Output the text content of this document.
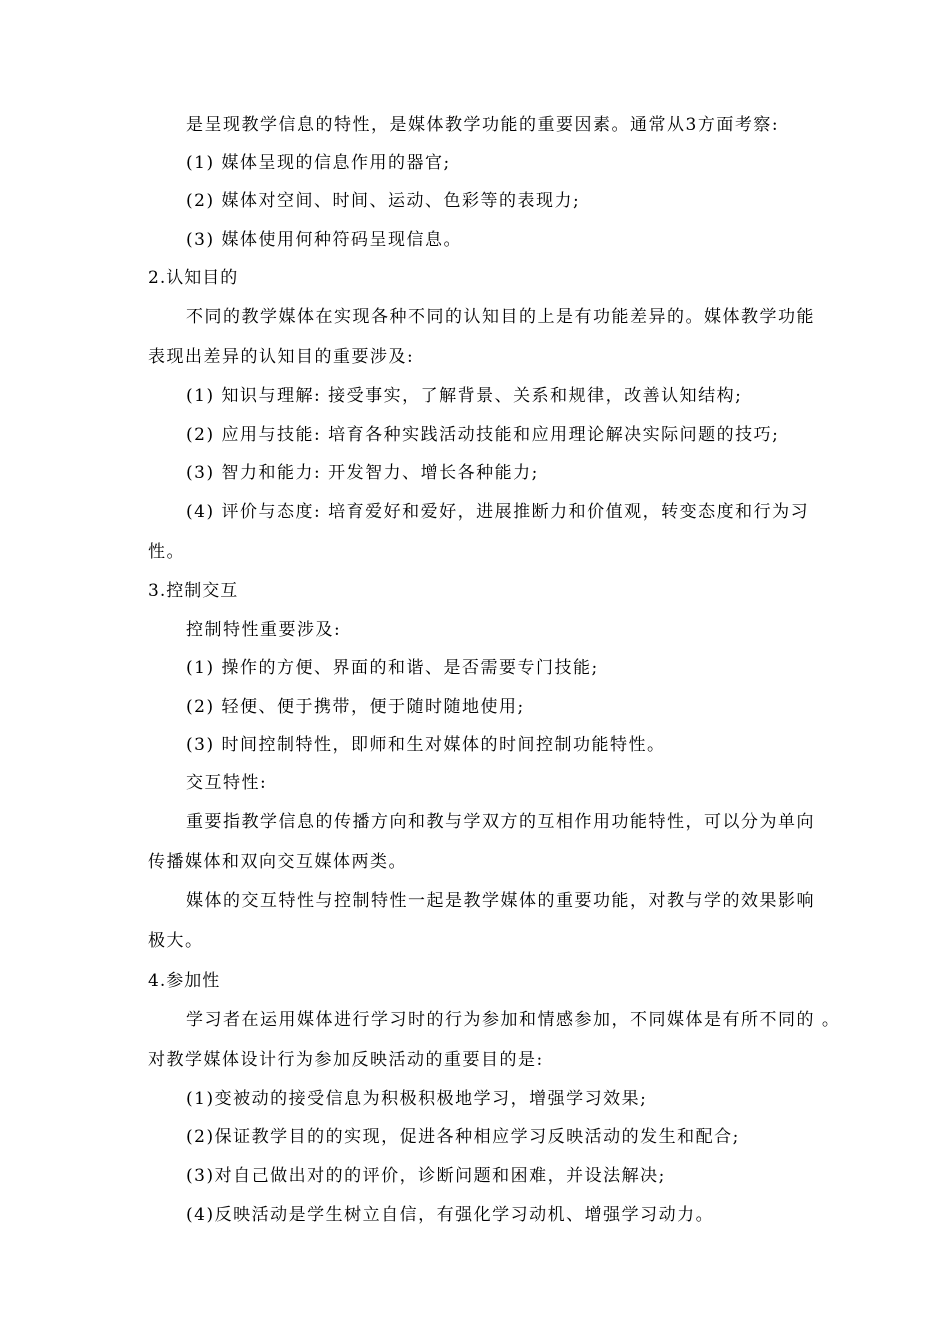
是呈现教学信息的特性，是媒体教学功能的重要因素。通常从3方面考察:
(1) 媒体呈现的信息作用的器官;
(2) 媒体对空间、时间、运动、色彩等的表现力;
(3) 媒体使用何种符码呈现信息。
2.认知目的
不同的教学媒体在实现各种不同的认知目的上是有功能差异的。媒体教学功能
表现出差异的认知目的重要涉及:
(1) 知识与理解: 接受事实，了解背景、关系和规律，改善认知结构;
(2) 应用与技能: 培育各种实践活动技能和应用理论解决实际问题的技巧;
(3) 智力和能力: 开发智力、增长各种能力;
(4) 评价与态度: 培育爱好和爱好，进展推断力和价值观，转变态度和行为习
性。
3.控制交互
控制特性重要涉及:
(1) 操作的方便、界面的和谐、是否需要专门技能;
(2) 轻便、便于携带，便于随时随地使用;
(3) 时间控制特性，即师和生对媒体的时间控制功能特性。
交互特性:
重要指教学信息的传播方向和教与学双方的互相作用功能特性，可以分为单向
传播媒体和双向交互媒体两类。
媒体的交互特性与控制特性一起是教学媒体的重要功能，对教与学的效果影响
极大。
4.参加性
学习者在运用媒体进行学习时的行为参加和情感参加，不同媒体是有所不同的 。
对教学媒体设计行为参加反映活动的重要目的是:
(1)变被动的接受信息为积极积极地学习，增强学习效果;
(2)保证教学目的的实现，促进各种相应学习反映活动的发生和配合;
(3)对自己做出对的的评价，诊断问题和困难，并设法解决;
(4)反映活动是学生树立自信，有强化学习动机、增强学习动力。
